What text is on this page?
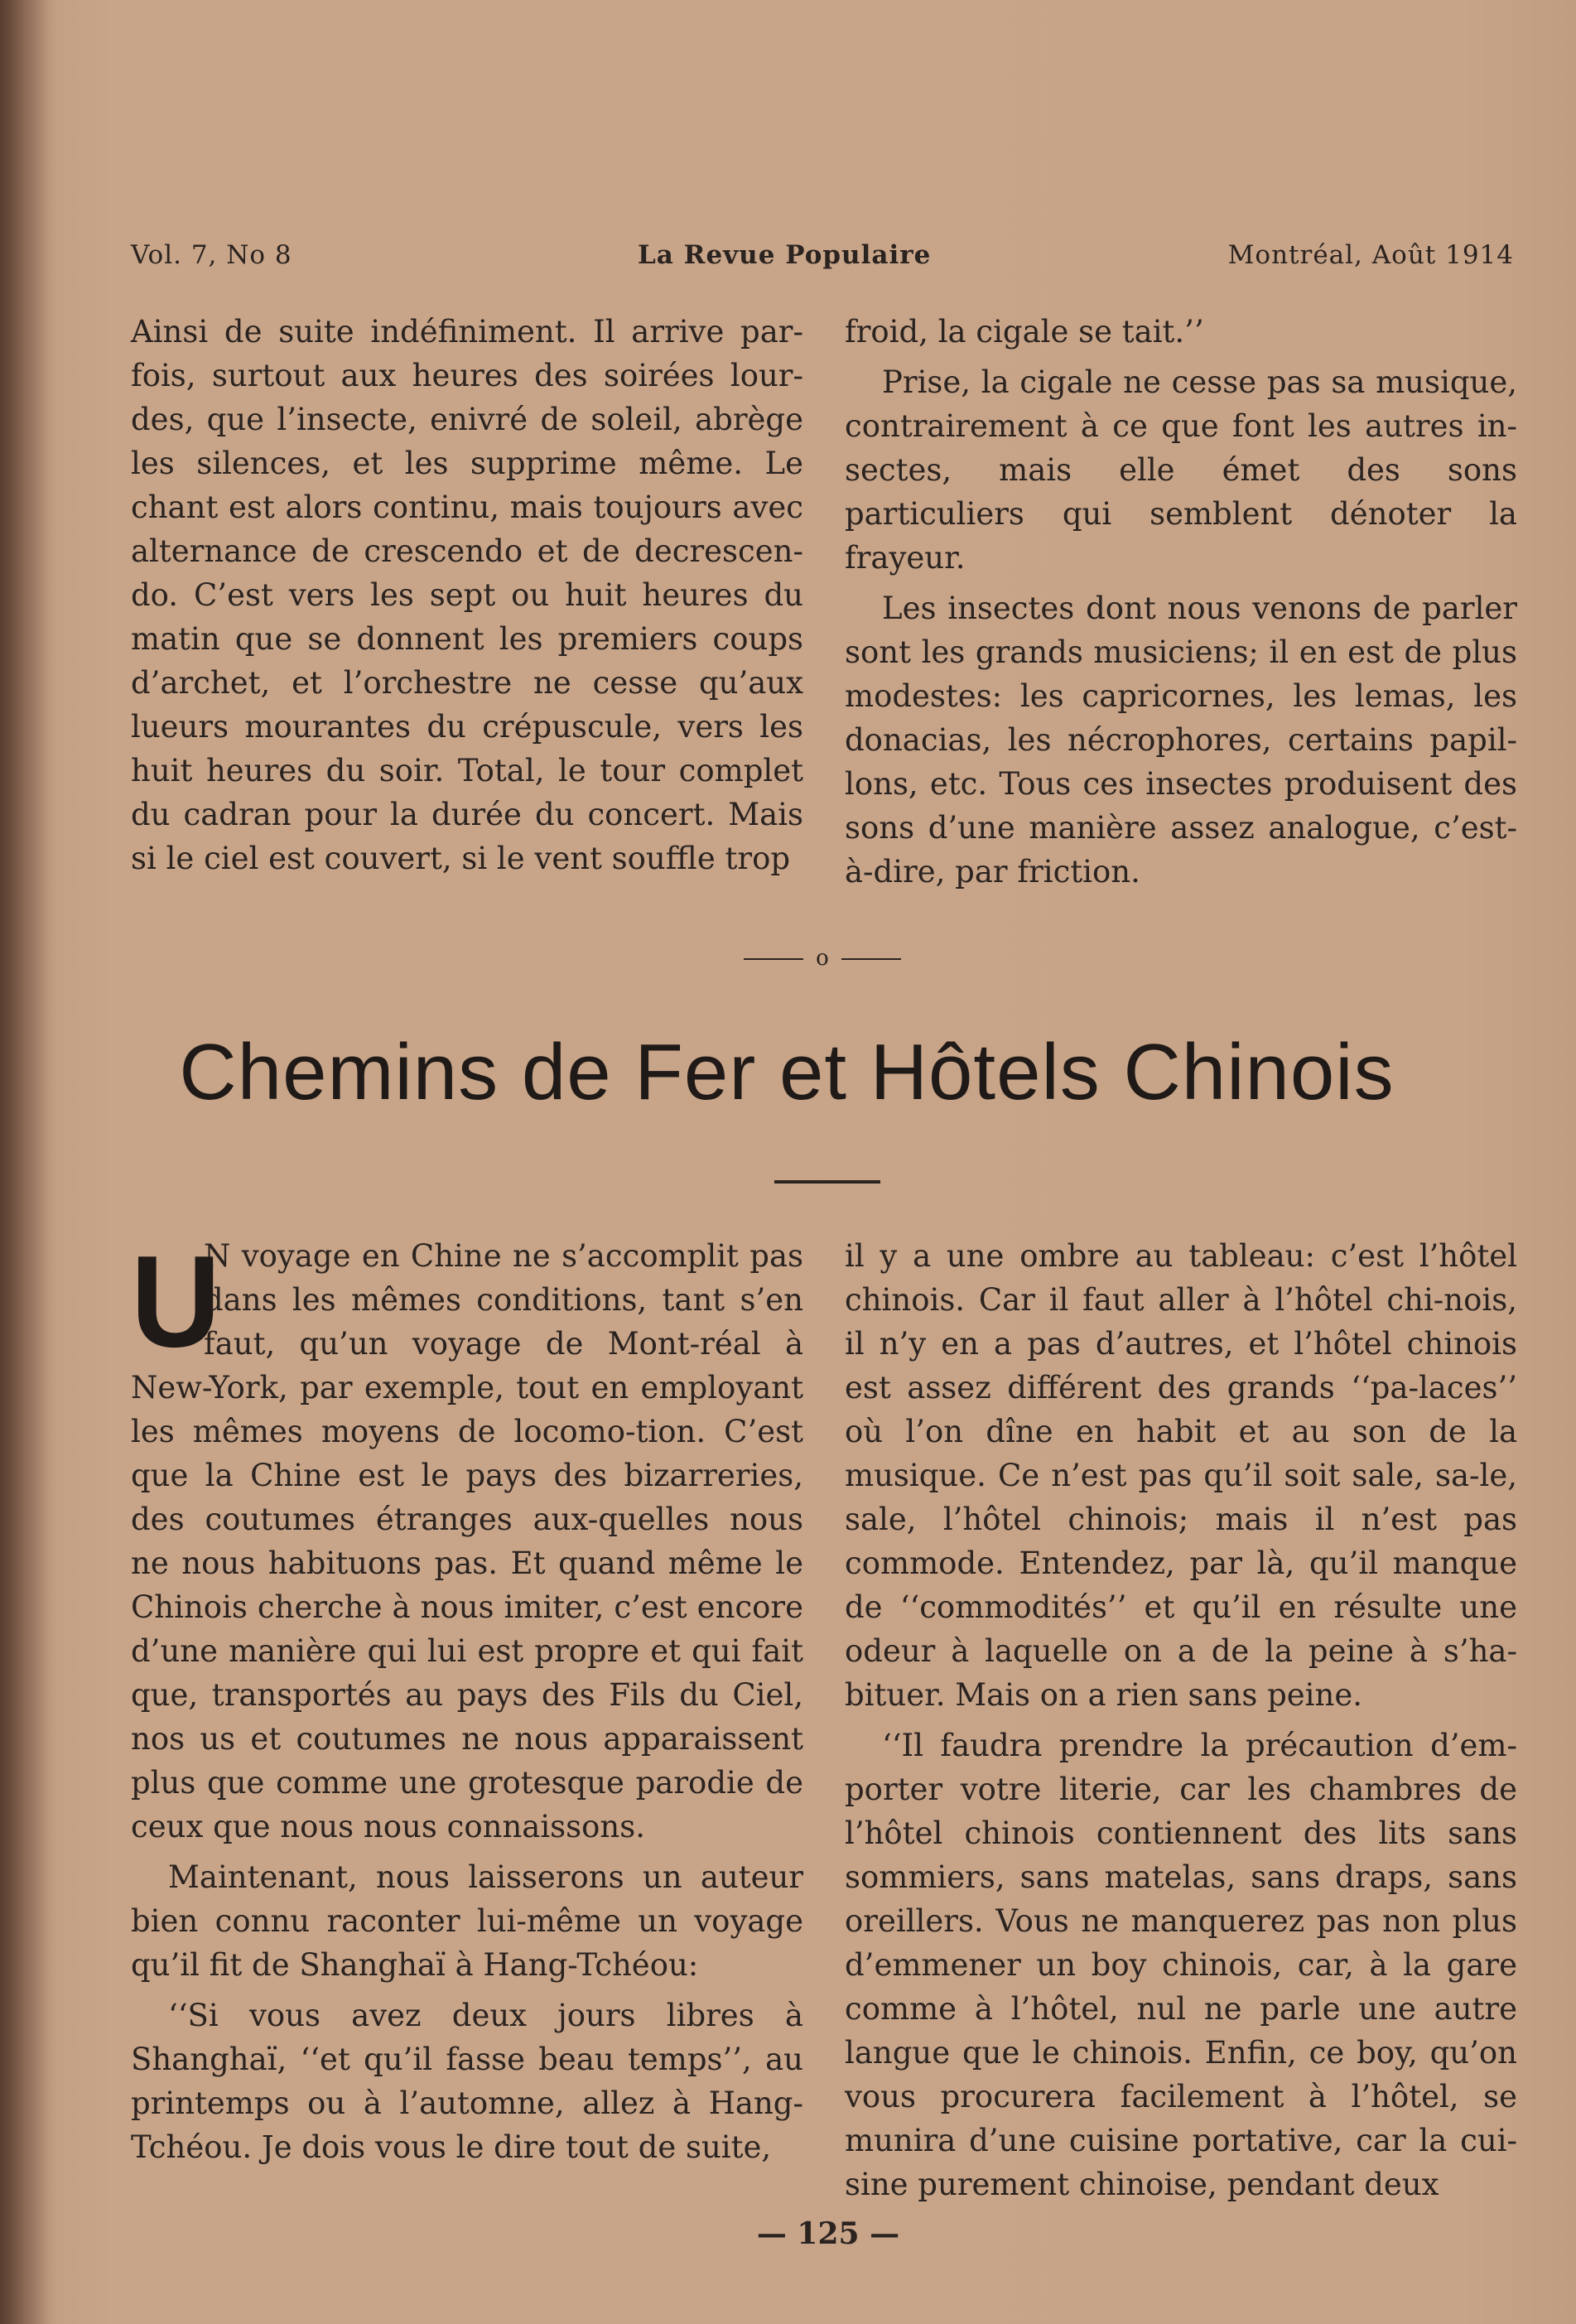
Vol. 7, No 8	La Revue Populaire	Montréal, Août 1914

Ainsi de suite indéfiniment. Il arrive par-fois, surtout aux heures des soirées lour-des, que l’insecte, enivré de soleil, abrège les silences, et les supprime même. Le chant est alors continu, mais toujours avec alternance de crescendo et de decrescen-do. C’est vers les sept ou huit heures du matin que se donnent les premiers coups d’archet, et l’orchestre ne cesse qu’aux lueurs mourantes du crépuscule, vers les huit heures du soir. Total, le tour complet du cadran pour la durée du concert. Mais si le ciel est couvert, si le vent souffle trop

froid, la cigale se tait.’’

Prise, la cigale ne cesse pas sa musique, contrairement à ce que font les autres in-sectes, mais elle émet des sons particuliers qui semblent dénoter la frayeur.

Les insectes dont nous venons de parler sont les grands musiciens; il en est de plus modestes: les capricornes, les lemas, les donacias, les nécrophores, certains papil-lons, etc. Tous ces insectes produisent des sons d’une manière assez analogue, c’est-à-dire, par friction.

o
Chemins de Fer et Hôtels Chinois

U
N voyage en Chine ne s’accomplit pas dans les mêmes conditions, tant s’en faut, qu’un voyage de Mont-réal à New-York, par exemple, tout en employant les mêmes moyens de locomo-tion. C’est que la Chine est le pays des bizarreries, des coutumes étranges aux-quelles nous ne nous habituons pas. Et quand même le Chinois cherche à nous imiter, c’est encore d’une manière qui lui est propre et qui fait que, transportés au pays des Fils du Ciel, nos us et coutumes ne nous apparaissent plus que comme une grotesque parodie de ceux que nous nous connaissons.

Maintenant, nous laisserons un auteur bien connu raconter lui-même un voyage qu’il fit de Shanghaï à Hang-Tchéou:

‘‘Si vous avez deux jours libres à Shanghaï, ‘‘et qu’il fasse beau temps’’, au printemps ou à l’automne, allez à Hang-Tchéou. Je dois vous le dire tout de suite,

il y a une ombre au tableau: c’est l’hôtel chinois. Car il faut aller à l’hôtel chi-nois, il n’y en a pas d’autres, et l’hôtel chinois est assez différent des grands ‘‘pa-laces’’ où l’on dîne en habit et au son de la musique. Ce n’est pas qu’il soit sale, sa-le, sale, l’hôtel chinois; mais il n’est pas commode. Entendez, par là, qu’il manque de ‘‘commodités’’ et qu’il en résulte une odeur à laquelle on a de la peine à s’ha-bituer. Mais on a rien sans peine.

‘‘Il faudra prendre la précaution d’em-porter votre literie, car les chambres de l’hôtel chinois contiennent des lits sans sommiers, sans matelas, sans draps, sans oreillers. Vous ne manquerez pas non plus d’emmener un boy chinois, car, à la gare comme à l’hôtel, nul ne parle une autre langue que le chinois. Enfin, ce boy, qu’on vous procurera facilement à l’hôtel, se munira d’une cuisine portative, car la cui-sine purement chinoise, pendant deux

— 125 —
